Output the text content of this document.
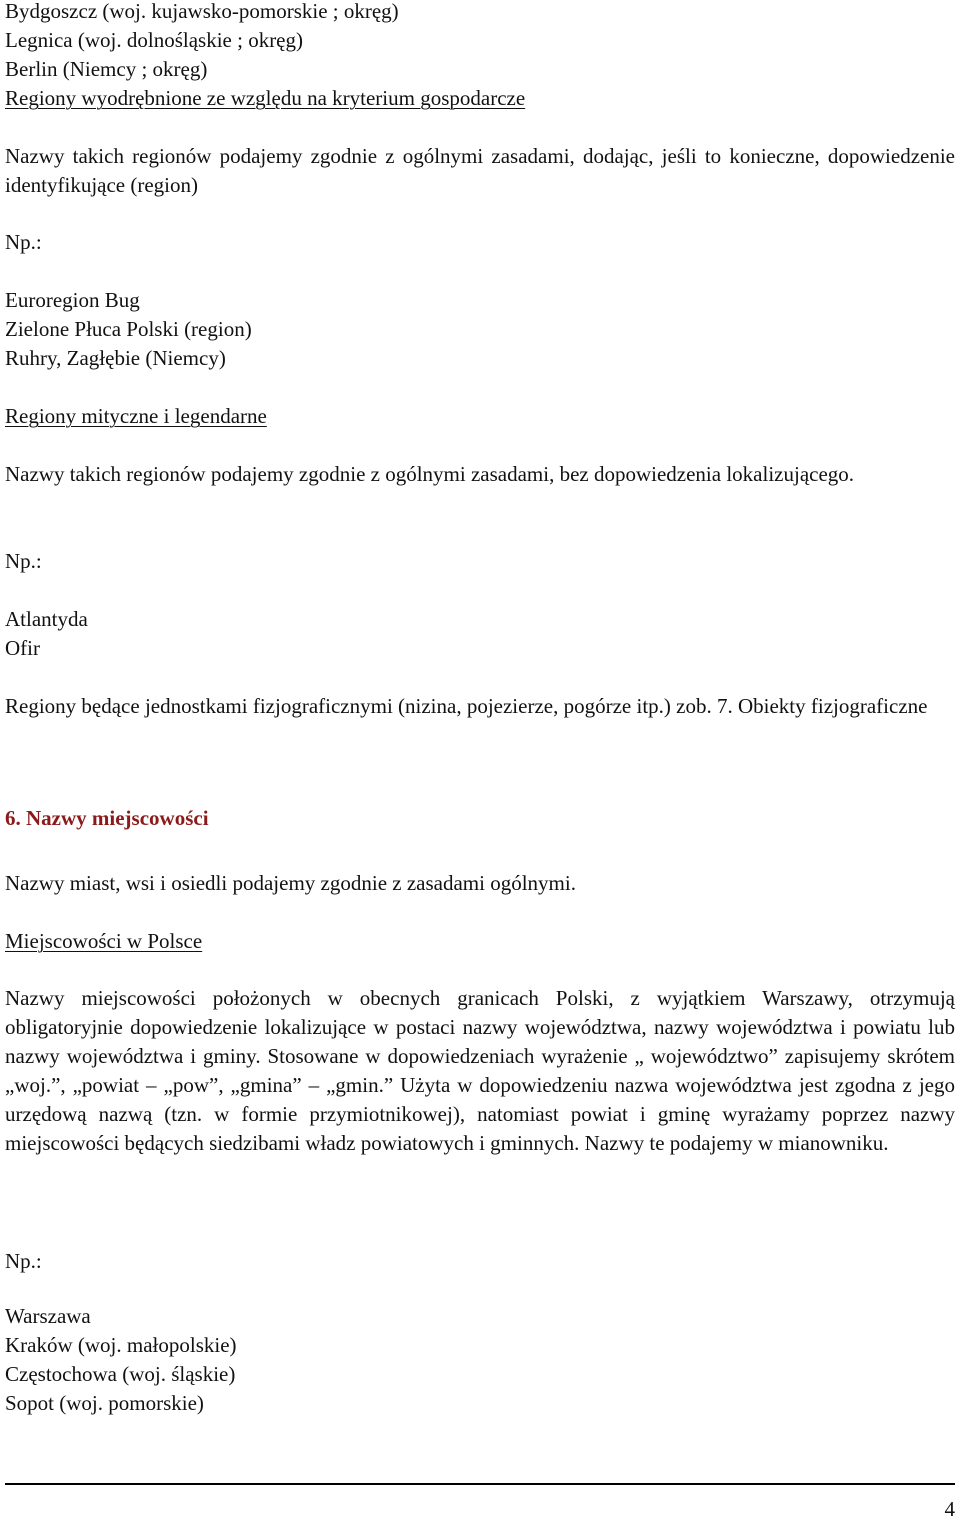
Bydgoszcz (woj. kujawsko-pomorskie ; okręg)
Legnica (woj. dolnośląskie ; okręg)
Berlin (Niemcy ; okręg)
Regiony wyodrębnione ze względu na kryterium gospodarcze
Nazwy takich regionów podajemy zgodnie z ogólnymi zasadami, dodając, jeśli to konieczne, dopowiedzenie identyfikujące (region)
Np.:
Euroregion Bug
Zielone Płuca Polski (region)
Ruhry, Zagłębie (Niemcy)
Regiony mityczne i legendarne
Nazwy takich regionów podajemy zgodnie z ogólnymi zasadami, bez dopowiedzenia lokalizującego.
Np.:
Atlantyda
Ofir
Regiony będące jednostkami fizjograficznymi (nizina, pojezierze, pogórze itp.) zob. 7. Obiekty fizjograficzne
6. Nazwy miejscowości
Nazwy miast, wsi i osiedli podajemy zgodnie z zasadami ogólnymi.
Miejscowości w Polsce
Nazwy miejscowości położonych w obecnych granicach Polski, z wyjątkiem Warszawy, otrzymują obligatoryjnie dopowiedzenie lokalizujące w postaci nazwy województwa, nazwy województwa i powiatu lub nazwy województwa i gminy. Stosowane w dopowiedzeniach wyrażenie „ województwo” zapisujemy skrótem „woj.”, „powiat – „pow”, „gmina” – „gmin.” Użyta w dopowiedzeniu nazwa województwa jest zgodna z jego urzędową nazwą (tzn. w formie przymiotnikowej), natomiast powiat i gminę wyrażamy poprzez nazwy miejscowości będących siedzibami władz powiatowych i gminnych. Nazwy te podajemy w mianowniku.
Np.:
Warszawa
Kraków (woj. małopolskie)
Częstochowa (woj. śląskie)
Sopot (woj. pomorskie)
4
